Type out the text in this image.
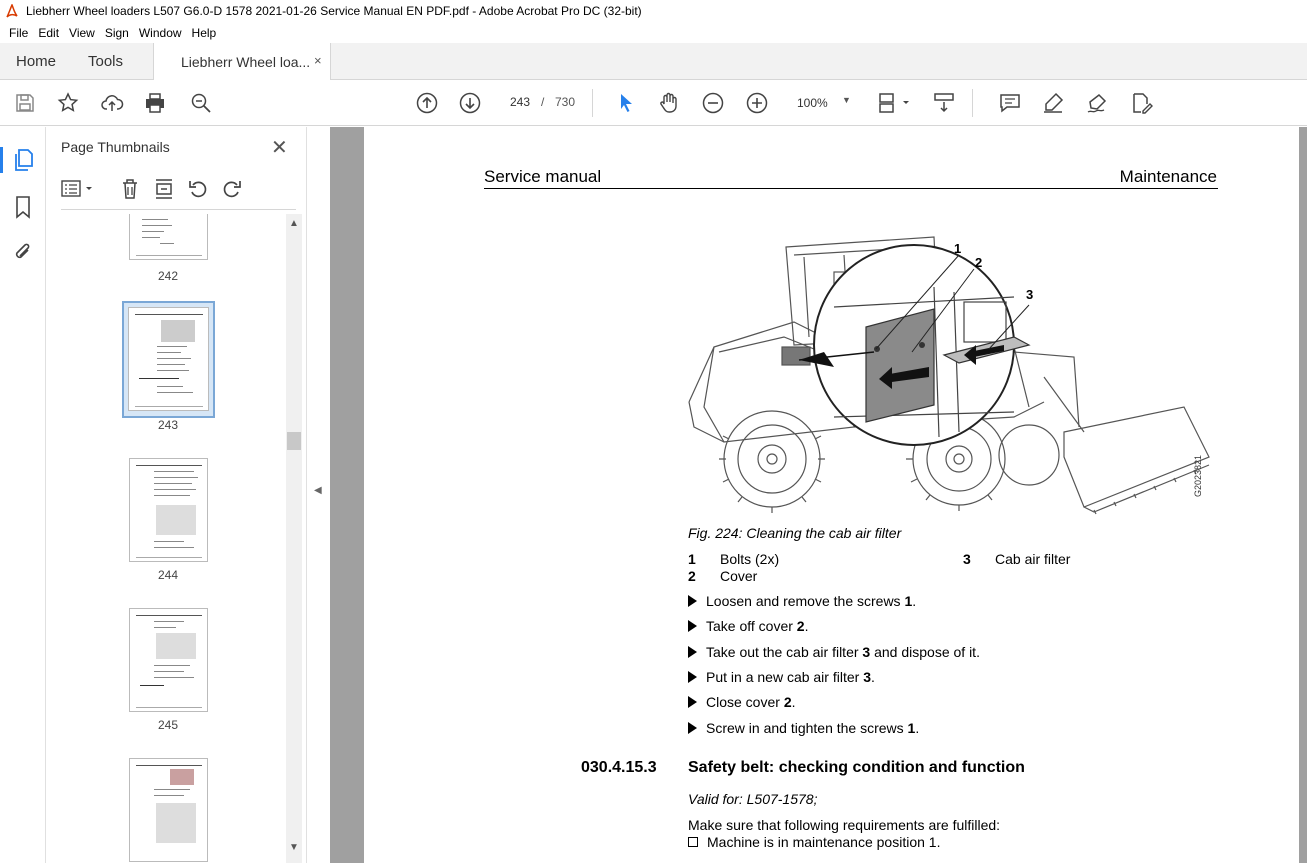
Liebherr Wheel loaders L507 G6.0-D 1578 2021-01-26 Service Manual EN PDF.pdf - Adobe Acrobat Pro DC (32-bit)
File Edit View Sign Window Help
Home Tools	Liebherr Wheel loa... ×
243
/ 730	100% ▼
Page Thumbnails	✕
242
243
244
245
▲
▼
◀
Service manual	Maintenance
1
2
3
G2023821
Fig. 224: Cleaning the cab air filter
1 Bolts (2x)
2 Cover
3 Cab air filter
Loosen and remove the screws 1.
Take off cover 2.
Take out the cab air filter 3 and dispose of it.
Put in a new cab air filter 3.
Close cover 2.
Screw in and tighten the screws 1.
030.4.15.3 Safety belt: checking condition and function
Valid for: L507-1578;
Make sure that following requirements are fulfilled:
Machine is in maintenance position 1.
